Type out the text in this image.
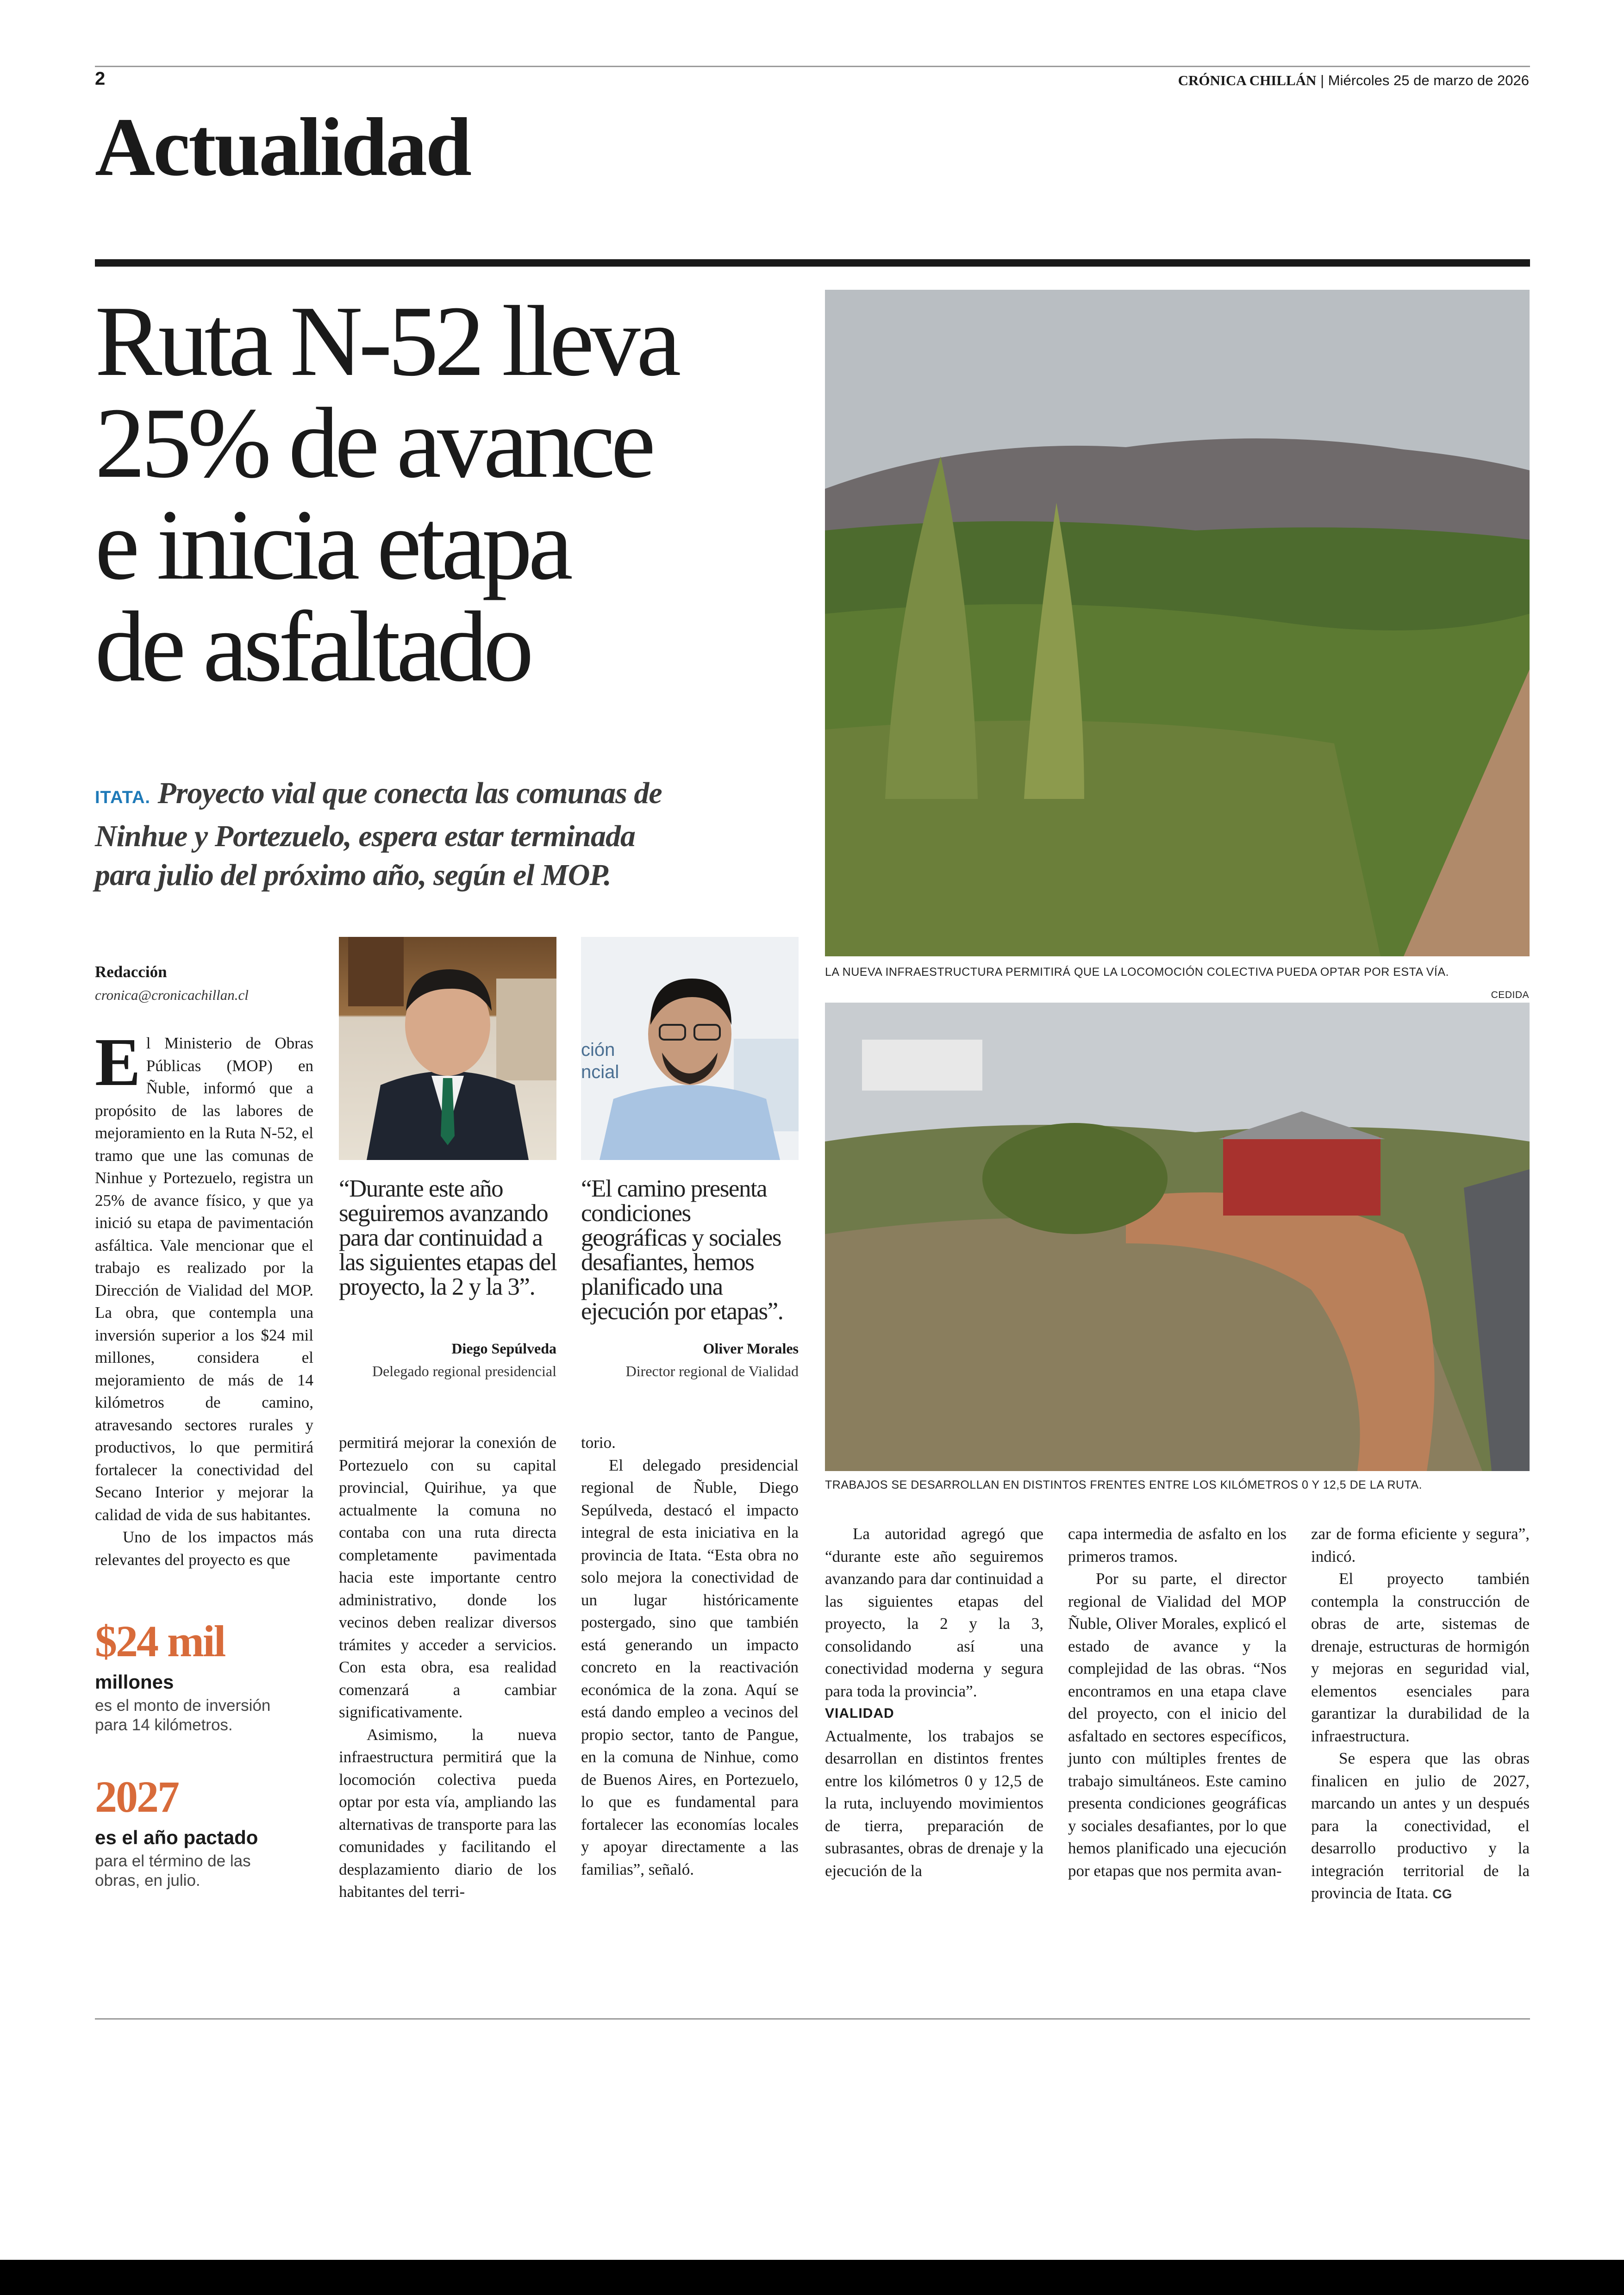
2	CRÓNICA CHILLÁN | Miércoles 25 de marzo de 2026
Actualidad
Ruta N-52 lleva
25% de avance
e inicia etapa
de asfaltado
ITATA. Proyecto vial que conecta las comunas de
Ninhue y Portezuelo, espera estar terminada
para julio del próximo año, según el MOP.
Redacción
cronica@cronicachillan.cl
ción
ncial
“Durante este año seguiremos avanzando para dar continuidad a las siguientes etapas del proyecto, la 2 y la 3”.
Diego Sepúlveda
Delegado regional presidencial
“El camino presenta condiciones geográficas y sociales desafiantes, hemos planificado una ejecución por etapas”.
Oliver Morales
Director regional de Vialidad
LA NUEVA INFRAESTRUCTURA PERMITIRÁ QUE LA LOCOMOCIÓN COLECTIVA PUEDA OPTAR POR ESTA VÍA.
CEDIDA
TRABAJOS SE DESARROLLAN EN DISTINTOS FRENTES ENTRE LOS KILÓMETROS 0 Y 12,5 DE LA RUTA.

El Ministerio de Obras Públicas (MOP) en Ñuble, informó que a propósito de las labores de mejoramiento en la Ruta N-52, el tramo que une las comunas de Ninhue y Portezuelo, registra un 25% de avance físico, y que ya inició su etapa de pavimentación asfáltica. Vale mencionar que el trabajo es realizado por la Dirección de Vialidad del MOP. La obra, que contempla una inversión superior a los $24 mil millones, considera el mejoramiento de más de 14 kilómetros de camino, atravesando sectores rurales y productivos, lo que permitirá fortalecer la conectividad del Secano Interior y mejorar la calidad de vida de sus habitantes.

Uno de los impactos más relevantes del proyecto es que

$24 mil
millones
es el monto de inversión para 14 kilómetros.
2027
es el año pactado
para el término de las obras, en julio.

permitirá mejorar la conexión de Portezuelo con su capital provincial, Quirihue, ya que actualmente la comuna no contaba con una ruta directa completamente pavimentada hacia este importante centro administrativo, donde los vecinos deben realizar diversos trámites y acceder a servicios. Con esta obra, esa realidad comenzará a cambiar significativamente.

Asimismo, la nueva infraestructura permitirá que la locomoción colectiva pueda optar por esta vía, ampliando las alternativas de transporte para las comunidades y facilitando el desplazamiento diario de los habitantes del terri-

torio.

El delegado presidencial regional de Ñuble, Diego Sepúlveda, destacó el impacto integral de esta iniciativa en la provincia de Itata. “Esta obra no solo mejora la conectividad de un lugar históricamente postergado, sino que también está generando un impacto concreto en la reactivación económica de la zona. Aquí se está dando empleo a vecinos del propio sector, tanto de Pangue, en la comuna de Ninhue, como de Buenos Aires, en Portezuelo, lo que es fundamental para fortalecer las economías locales y apoyar directamente a las familias”, señaló.

La autoridad agregó que “durante este año seguiremos avanzando para dar continuidad a las siguientes etapas del proyecto, la 2 y la 3, consolidando así una conectividad moderna y segura para toda la provincia”.

VIALIDAD

Actualmente, los trabajos se desarrollan en distintos frentes entre los kilómetros 0 y 12,5 de la ruta, incluyendo movimientos de tierra, preparación de subrasantes, obras de drenaje y la ejecución de la

capa intermedia de asfalto en los primeros tramos.

Por su parte, el director regional de Vialidad del MOP Ñuble, Oliver Morales, explicó el estado de avance y la complejidad de las obras. “Nos encontramos en una etapa clave del proyecto, con el inicio del asfaltado en sectores específicos, junto con múltiples frentes de trabajo simultáneos. Este camino presenta condiciones geográficas y sociales desafiantes, por lo que hemos planificado una ejecución por etapas que nos permita avan-

zar de forma eficiente y segura”, indicó.

El proyecto también contempla la construcción de obras de arte, sistemas de drenaje, estructuras de hormigón y mejoras en seguridad vial, elementos esenciales para garantizar la durabilidad de la infraestructura.

Se espera que las obras finalicen en julio de 2027, marcando un antes y un después para la conectividad, el desarrollo productivo y la integración territorial de la provincia de Itata. CG
